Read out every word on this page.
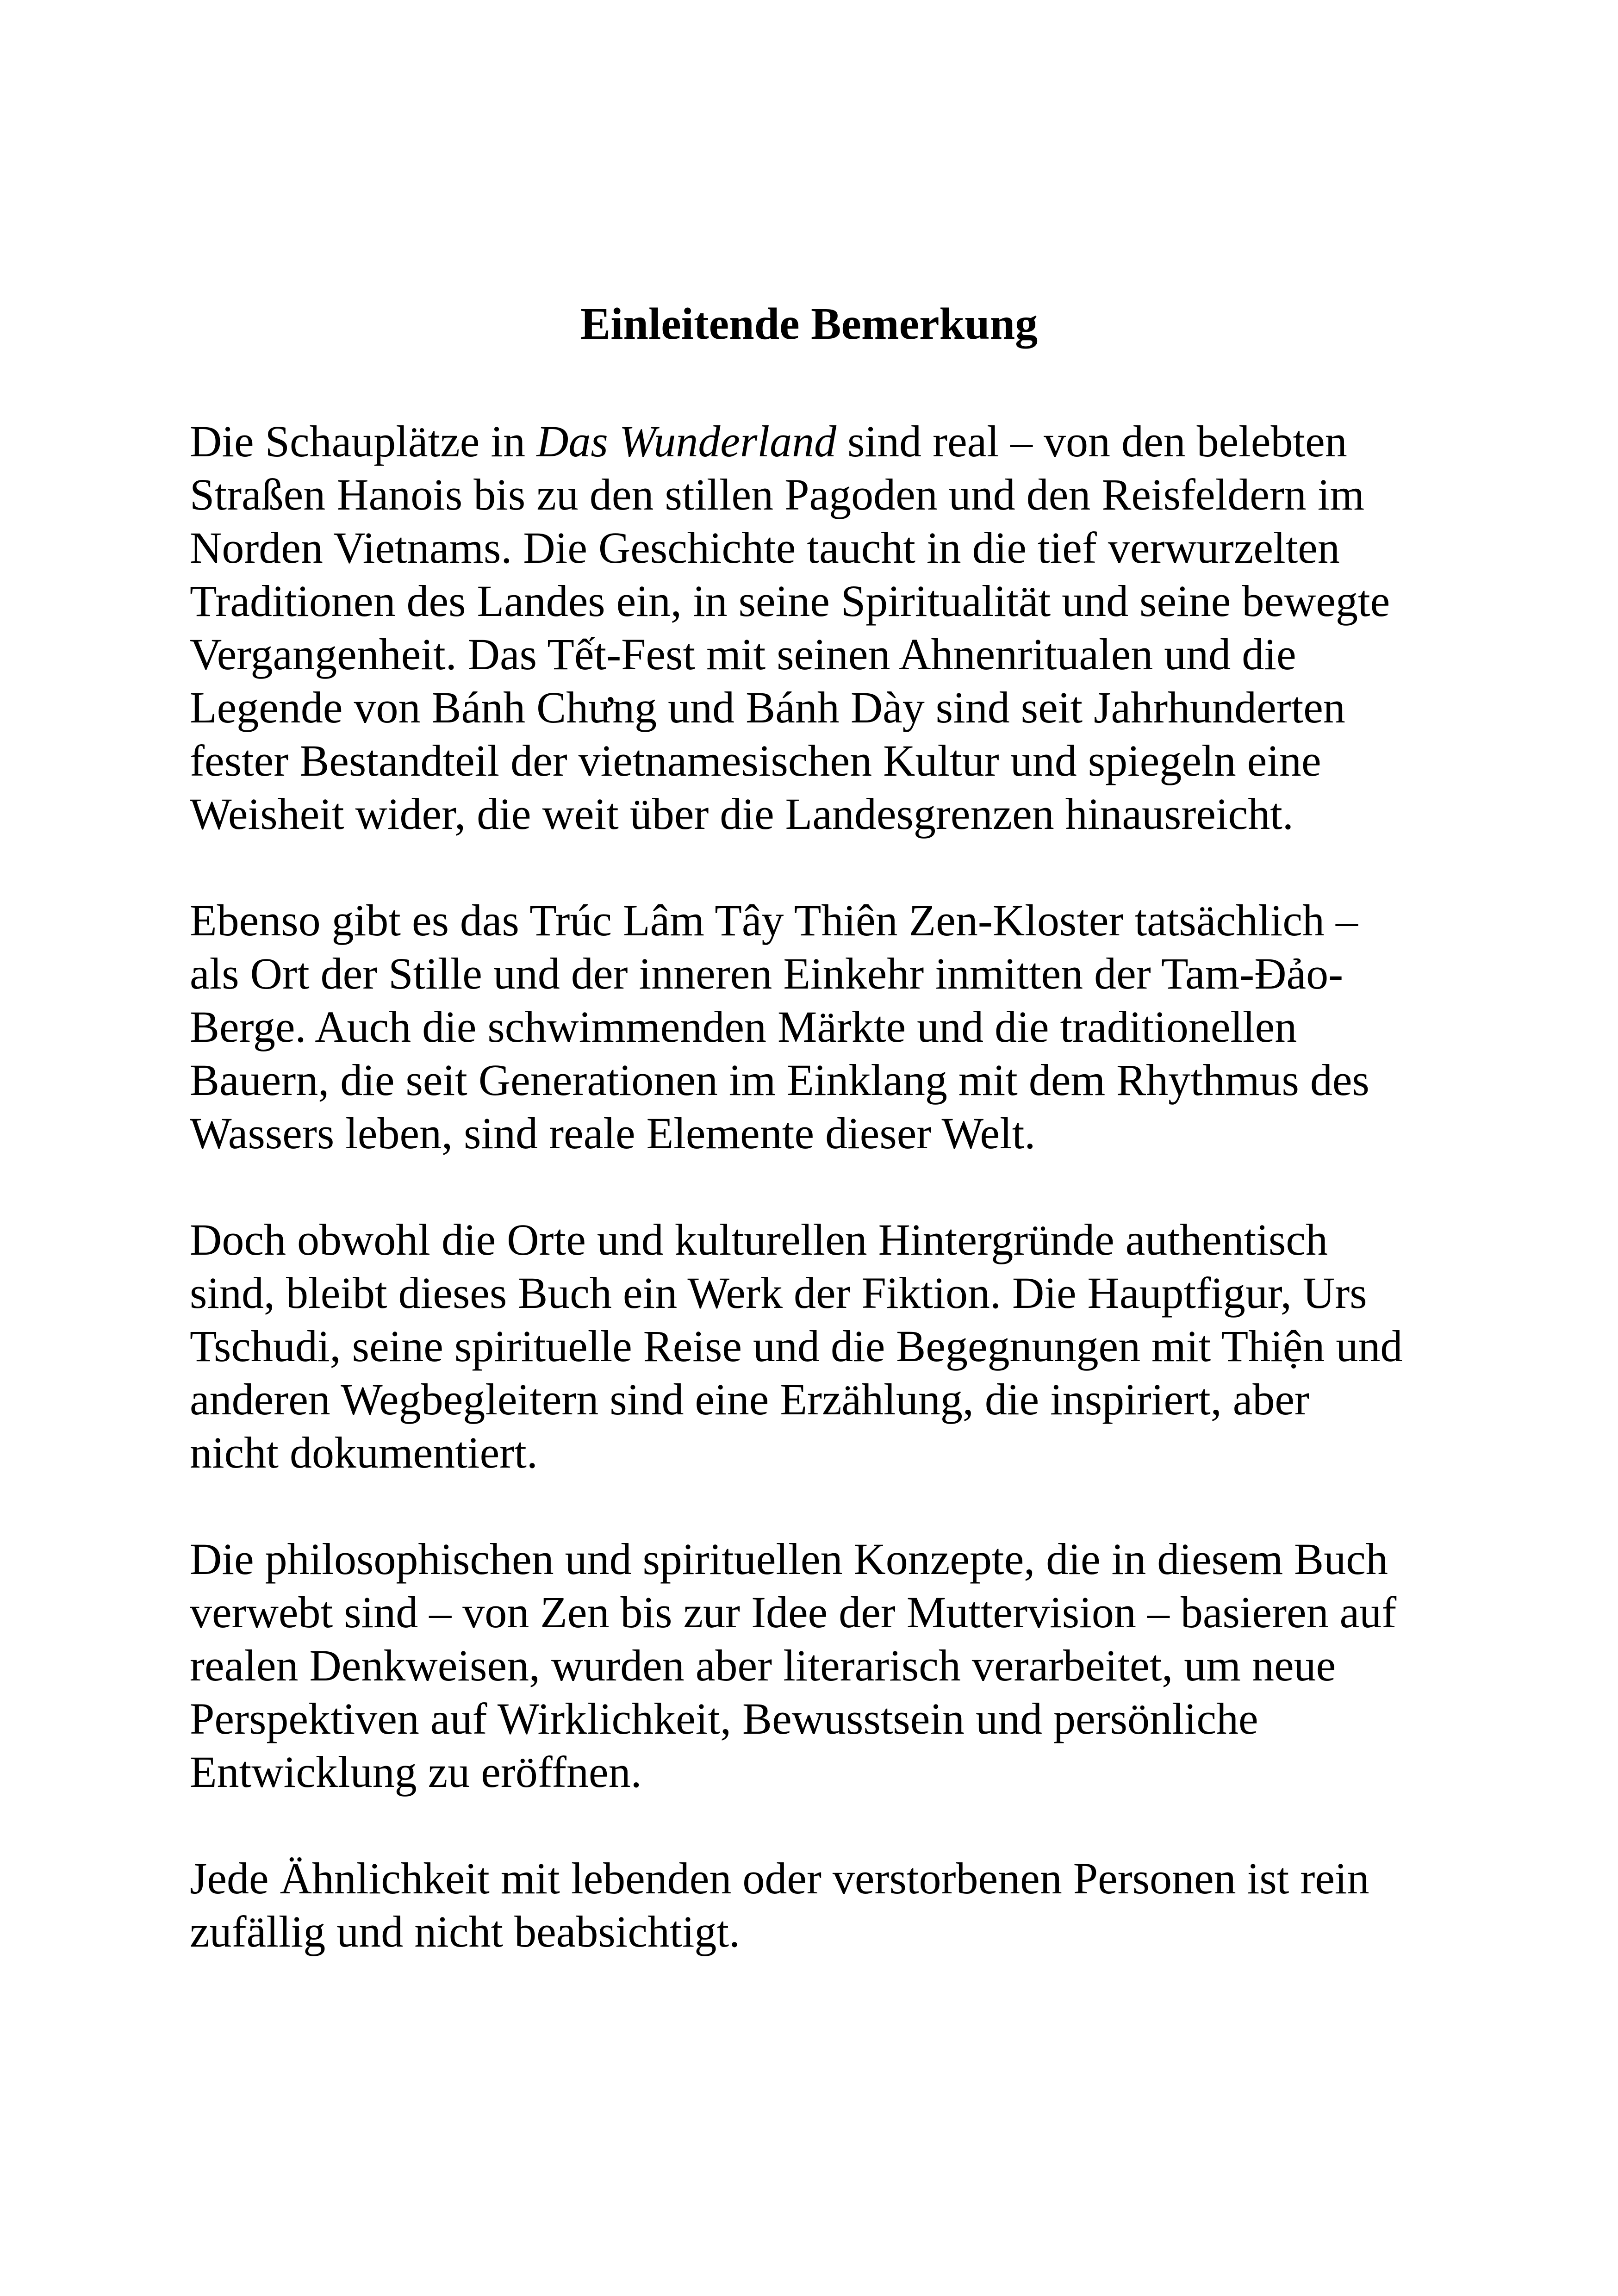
Einleitende Bemerkung

Die Schauplätze in Das Wunderland sind real – von den belebten
Straßen Hanois bis zu den stillen Pagoden und den Reisfeldern im
Norden Vietnams. Die Geschichte taucht in die tief verwurzelten
Traditionen des Landes ein, in seine Spiritualität und seine bewegte
Vergangenheit. Das Tết-Fest mit seinen Ahnenritualen und die
Legende von Bánh Chưng und Bánh Dày sind seit Jahrhunderten
fester Bestandteil der vietnamesischen Kultur und spiegeln eine
Weisheit wider, die weit über die Landesgrenzen hinausreicht.

Ebenso gibt es das Trúc Lâm Tây Thiên Zen-Kloster tatsächlich –
als Ort der Stille und der inneren Einkehr inmitten der Tam-Đảo-
Berge. Auch die schwimmenden Märkte und die traditionellen
Bauern, die seit Generationen im Einklang mit dem Rhythmus des
Wassers leben, sind reale Elemente dieser Welt.

Doch obwohl die Orte und kulturellen Hintergründe authentisch
sind, bleibt dieses Buch ein Werk der Fiktion. Die Hauptfigur, Urs
Tschudi, seine spirituelle Reise und die Begegnungen mit Thiện und
anderen Wegbegleitern sind eine Erzählung, die inspiriert, aber
nicht dokumentiert.

Die philosophischen und spirituellen Konzepte, die in diesem Buch
verwebt sind – von Zen bis zur Idee der Muttervision – basieren auf
realen Denkweisen, wurden aber literarisch verarbeitet, um neue
Perspektiven auf Wirklichkeit, Bewusstsein und persönliche
Entwicklung zu eröffnen.

Jede Ähnlichkeit mit lebenden oder verstorbenen Personen ist rein
zufällig und nicht beabsichtigt.
